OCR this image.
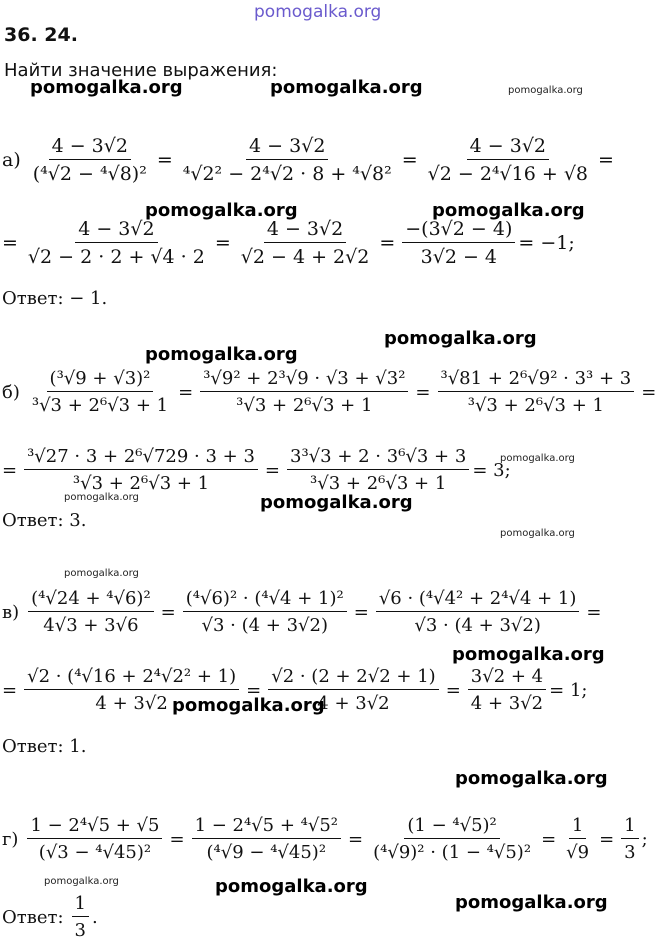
pomogalka.org
36. 24.
Найти значение выражения:
pomogalka.org	pomogalka.org	pomogalka.org
$а) \frac{4 - 3√2}{\text{(⁴√2 − ⁴√8)²}} = \frac{4 - 3√2}{\text{⁴√2² − 2⁴√2 · 8 + ⁴√8²}} = \frac{4 - 3√2}{\text{√2 − 2⁴√16 + √8}}$ =
pomogalka.org	pomogalka.org
= $\frac{4 - 3√2}{√2 - 2 \cdot 2 + √4 \cdot 2} = \frac{4 - 3√2}{√2 - 4 + 2√2} = \frac{-(3√2 - 4)}{3√2 - 4} = -1$;
Ответ: − 1.
pomogalka.org
pomogalka.org
$б) \frac{\text{(³√9 + √3)²}}{\text{³√3 + 2⁶√3 + 1}} = \frac{\text{³√9² + 2³√9 · √3 + √3²}}{\text{³√3 + 2⁶√3 + 1}} = \frac{\text{³√81 + 2⁶√9² · 3³ + 3}}{\text{³√3 + 2⁶√3 + 1}}$ =
= $\frac{\text{³√27 · 3 + 2⁶√729 · 3 + 3}}{\text{³√3 + 2⁶√3 + 1}} = \frac{\text{3³√3 + 2 · 3⁶√3 + 3}}{\text{³√3 + 2⁶√3 + 1}} = 3$;
pomogalka.org
pomogalka.org	pomogalka.org
Ответ: 3.
pomogalka.org
pomogalka.org
$в) \frac{\text{(⁴√24 + ⁴√6)²}}{4√3 + 3√6} = \frac{\text{(⁴√6)² · (⁴√4 + 1)²}}{√3 \cdot (4 + 3√2)} = \frac{\text{√6 · (⁴√4² + 2⁴√4 + 1)}}{√3 \cdot (4 + 3√2)}$ =
pomogalka.org
= $\frac{\text{√2 · (⁴√16 + 2⁴√2² + 1)}}{4 + 3√2} = \frac{√2 \cdot (2 + 2√2 + 1)}{4 + 3√2} = \frac{3√2 + 4}{4 + 3√2} = 1$;
pomogalka.org
Ответ: 1.
pomogalka.org
$г) \frac{\text{1 − 2⁴√5 + √5}}{\text{(√3 − ⁴√45)²}} = \frac{\text{1 − 2⁴√5 + ⁴√5²}}{\text{(⁴√9 − ⁴√45)²}} = \frac{\text{(1 − ⁴√5)²}}{\text{(⁴√9)² · (1 − ⁴√5)²}} = \frac{1}{√9} = \frac{1}{3}$ ;
pomogalka.org	pomogalka.org
pomogalka.org
Ответ: $\frac{1}{3}$ .
